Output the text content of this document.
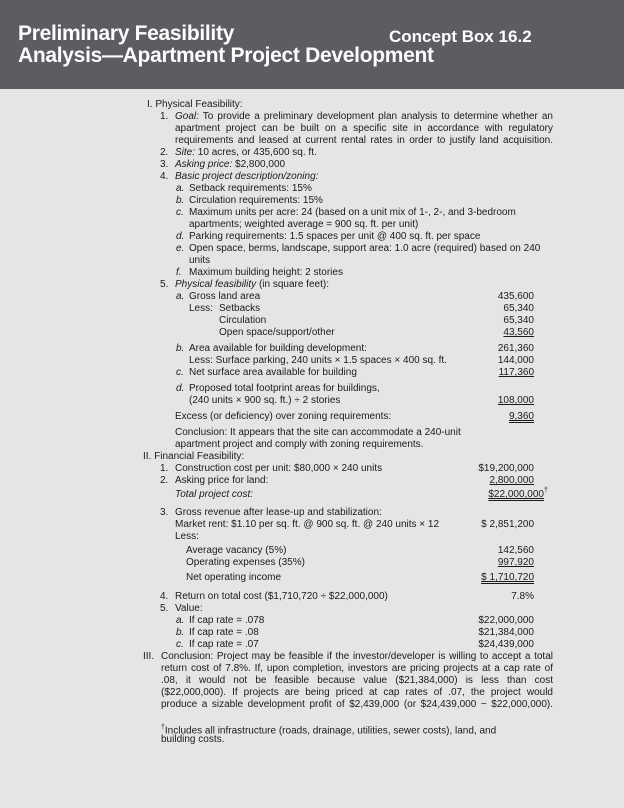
Preliminary Feasibility
Analysis—Apartment Project Development
Concept Box 16.2
I. Physical Feasibility:
1. Goal: To provide a preliminary development plan analysis to determine whether an
apartment project can be built on a specific site in accordance with regulatory
requirements and leased at current rental rates in order to justify land acquisition.
2. Site: 10 acres, or 435,600 sq. ft.
3. Asking price: $2,800,000
4. Basic project description/zoning:
a. Setback requirements: 15%
b. Circulation requirements: 15%
c. Maximum units per acre: 24 (based on a unit mix of 1-, 2-, and 3-bedroom
apartments; weighted average = 900 sq. ft. per unit)
d. Parking requirements: 1.5 spaces per unit @ 400 sq. ft. per space
e. Open space, berms, landscape, support area: 1.0 acre (required) based on 240
units
f. Maximum building height: 2 stories
5. Physical feasibility (in square feet):
a. Gross land area	435,600
Less: Setbacks	65,340
Circulation	65,340
Open space/support/other	43,560
b. Area available for building development:	261,360
Less: Surface parking, 240 units × 1.5 spaces × 400 sq. ft.	144,000
c. Net surface area available for building	117,360
d. Proposed total footprint areas for buildings,
(240 units × 900 sq. ft.) ÷ 2 stories	108,000
Excess (or deficiency) over zoning requirements:	9,360
Conclusion: It appears that the site can accommodate a 240-unit
apartment project and comply with zoning requirements.
II. Financial Feasibility:
1. Construction cost per unit: $80,000 × 240 units	$19,200,000
2. Asking price for land:	2,800,000
Total project cost:	$22,000,000 †
3. Gross revenue after lease-up and stabilization:
Market rent: $1.10 per sq. ft. @ 900 sq. ft. @ 240 units × 12	$ 2,851,200
Less:
Average vacancy (5%)	142,560
Operating expenses (35%)	997,920
Net operating income	$ 1,710,720
4. Return on total cost ($1,710,720 ÷ $22,000,000)	7.8%
5. Value:
a. If cap rate = .078	$22,000,000
b. If cap rate = .08	$21,384,000
c. If cap rate = .07	$24,439,000
III. Conclusion: Project may be feasible if the investor/developer is willing to accept a total
return cost of 7.8%. If, upon completion, investors are pricing projects at a cap rate of
.08, it would not be feasible because value ($21,384,000) is less than cost
($22,000,000). If projects are being priced at cap rates of .07, the project would
produce a sizable development profit of $2,439,000 (or $24,439,000 − $22,000,000).
†Includes all infrastructure (roads, drainage, utilities, sewer costs), land, and
building costs.
